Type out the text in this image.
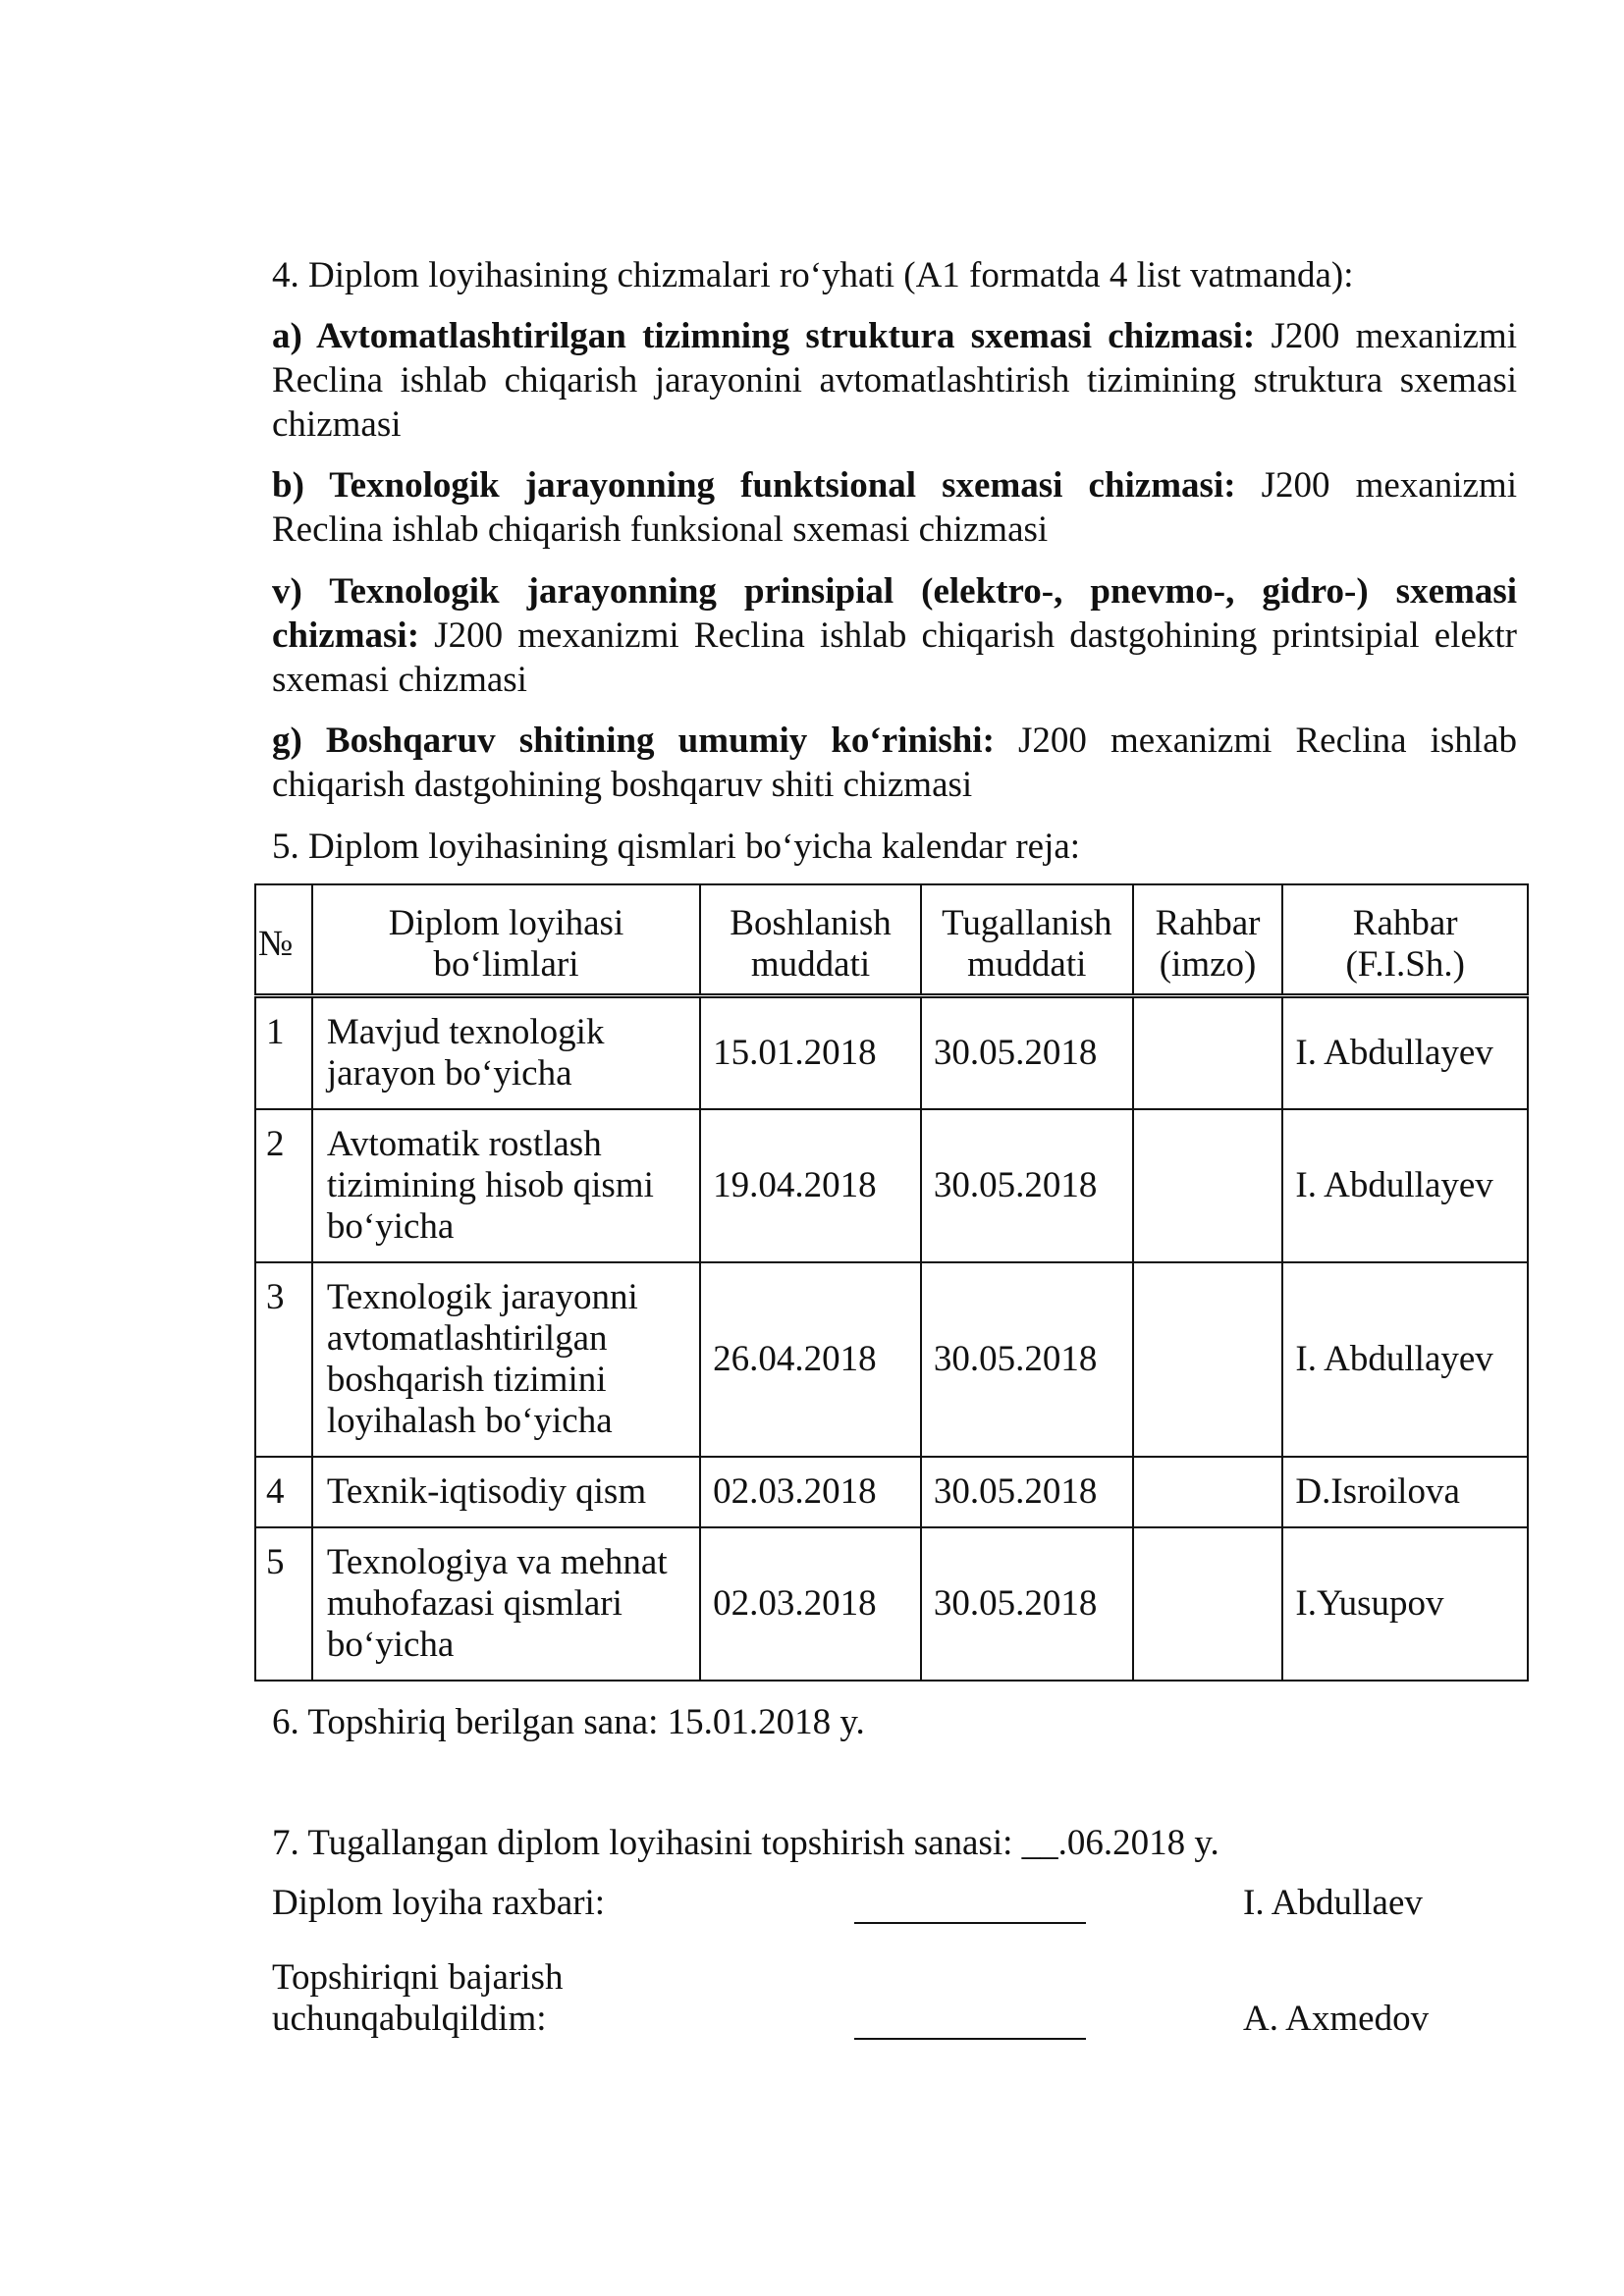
4. Diplom loyihasining chizmalari ro‘yhati (A1 formatda 4 list vatmanda):
a) Avtomatlashtirilgan tizimning struktura sxemasi chizmasi: J200 mexanizmi Reclina ishlab chiqarish jarayonini avtomatlashtirish tizimining struktura sxemasi chizmasi
b) Texnologik jarayonning funktsional sxemasi chizmasi: J200 mexanizmi Reclina ishlab chiqarish funksional sxemasi chizmasi
v) Texnologik jarayonning prinsipial (elektro-, pnevmo-, gidro-) sxemasi chizmasi: J200 mexanizmi Reclina ishlab chiqarish dastgohining printsipial elektr sxemasi chizmasi
g) Boshqaruv shitining umumiy ko‘rinishi: J200 mexanizmi Reclina ishlab chiqarish dastgohining boshqaruv shiti chizmasi
5. Diplom loyihasining qismlari bo‘yicha kalendar reja:
№	Diplom loyihasi bo‘limlari	Boshlanish muddati	Tugallanish muddati	Rahbar (imzo)	Rahbar (F.I.Sh.)
1	Mavjud texnologik jarayon bo‘yicha	15.01.2018	30.05.2018		I. Abdullayev
2	Avtomatik rostlash tizimining hisob qismi bo‘yicha	19.04.2018	30.05.2018		I. Abdullayev
3	Texnologik jarayonni avtomatlashtirilgan boshqarish tizimini loyihalash bo‘yicha	26.04.2018	30.05.2018		I. Abdullayev
4	Texnik-iqtisodiy qism	02.03.2018	30.05.2018		D.Isroilova
5	Texnologiya va mehnat muhofazasi qismlari bo‘yicha	02.03.2018	30.05.2018		I.Yusupov
6. Topshiriq berilgan sana: 15.01.2018 y.
7. Tugallangan diplom loyihasini topshirish sanasi: __.06.2018 y.
Diplom loyiha raxbari:	I. Abdullaev
Topshiriqni bajarish
uchunqabulqildim:	A. Axmedov
